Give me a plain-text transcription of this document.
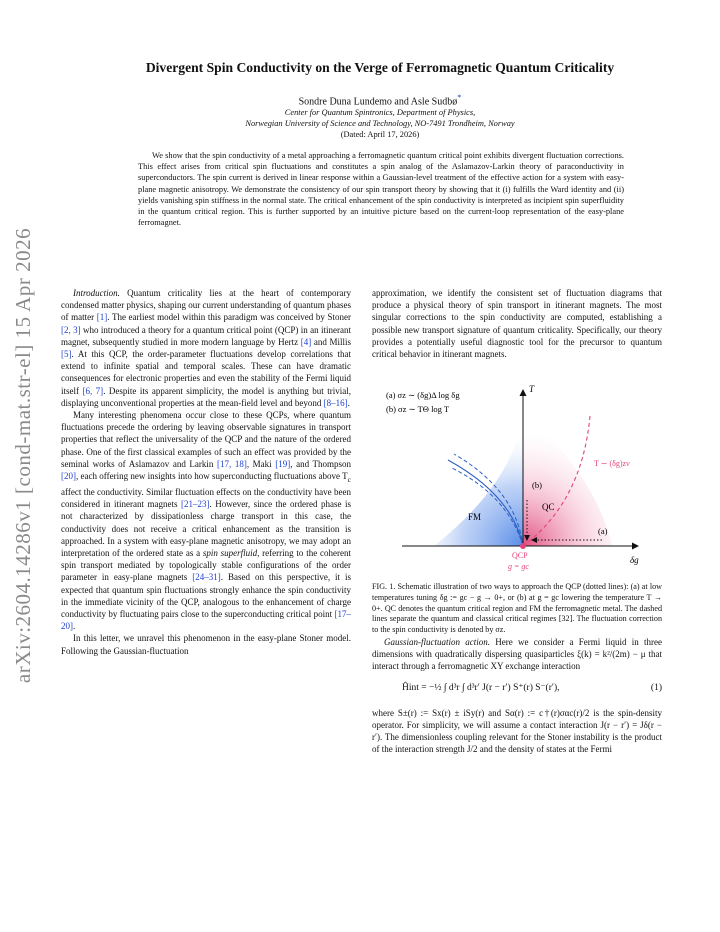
arXiv:2604.14286v1 [cond-mat.str-el] 15 Apr 2026
Divergent Spin Conductivity on the Verge of Ferromagnetic Quantum Criticality
Sondre Duna Lundemo and Asle Sudbø*
Center for Quantum Spintronics, Department of Physics,
Norwegian University of Science and Technology, NO-7491 Trondheim, Norway
(Dated: April 17, 2026)

We show that the spin conductivity of a metal approaching a ferromagnetic quantum critical point exhibits divergent fluctuation corrections. This effect arises from critical spin fluctuations and constitutes a spin analog of the Aslamazov-Larkin theory of paraconductivity in superconductors. The spin current is derived in linear response within a Gaussian-level treatment of the effective action for a system with easy-plane magnetic anisotropy. We demonstrate the consistency of our spin transport theory by showing that it (i) fulfills the Ward identity and (ii) yields vanishing spin stiffness in the normal state. The critical enhancement of the spin conductivity is interpreted as incipient spin superfluidity in the quantum critical region. This is further supported by an intuitive picture based on the current-loop representation of the easy-plane ferromagnet.

Introduction. Quantum criticality lies at the heart of contemporary condensed matter physics, shaping our current understanding of quantum phases of matter [1]. The earliest model within this paradigm was conceived by Stoner [2, 3] who introduced a theory for a quantum critical point (QCP) in an itinerant magnet, subsequently studied in more modern language by Hertz [4] and Millis [5]. At this QCP, the order-parameter fluctuations develop correlations that extend to infinite spatial and temporal scales. These can have dramatic consequences for electronic properties and even the stability of the Fermi liquid itself [6, 7]. Despite its apparent simplicity, the model is anything but trivial, displaying unconventional properties at the mean-field level and beyond [8–16].

Many interesting phenomena occur close to these QCPs, where quantum fluctuations precede the ordering by leaving observable signatures in transport properties that reflect the universality of the QCP and the nature of the ordered phase. One of the first classical examples of such an effect was provided by the seminal works of Aslamazov and Larkin [17, 18], Maki [19], and Thompson [20], each offering new insights into how superconducting fluctuations above $T_c$ affect the conductivity. Similar fluctuation effects on the conductivity have been considered in itinerant magnets [21–23]. However, since the ordered phase is not characterized by dissipationless charge transport in this case, the conductivity does not receive a critical enhancement as the transition is approached. In a system with easy-plane magnetic anisotropy, we may adopt an interpretation of the ordered state as a spin superfluid, referring to the coherent spin transport mediated by topologically stable configurations of the order parameter in easy-plane magnets [24–31]. Based on this perspective, it is expected that quantum spin fluctuations strongly enhance the spin conductivity in the immediate vicinity of the QCP, analogous to the enhancement of charge conductivity by fluctuating pairs close to the superconducting critical point [17–20].

In this letter, we unravel this phenomenon in the easy-plane Stoner model. Following the Gaussian-fluctuation

approximation, we identify the consistent set of fluctuation diagrams that produce a physical theory of spin transport in itinerant magnets. The most singular corrections to the spin conductivity are computed, establishing a possible new transport signature of quantum criticality. Specifically, our theory provides a potentially useful diagnostic tool for the precursor to quantum critical behavior in itinerant magnets.

(a) σz ∼ (δg)Δ log δg
(b) σz ∼ TΘ log T
T
δg
FM
QC
(b)
(a)
QCP
g = gc
T ∼ (δg)zν

FIG. 1. Schematic illustration of two ways to approach the QCP (dotted lines): (a) at low temperatures tuning δg := gc − g → 0+, or (b) at g = gc lowering the temperature T → 0+. QC denotes the quantum critical region and FM the ferromagnetic metal. The dashed lines separate the quantum and classical critical regimes [32]. The fluctuation correction to the spin conductivity is denoted by σz.

Gaussian-fluctuation action. Here we consider a Fermi liquid in three dimensions with quadratically dispersing quasiparticles ξ(k) = k²/(2m) − μ that interact through a ferromagnetic XY exchange interaction

Ĥint = −½ ∫ d³r ∫ d³r′ J(r − r′) S⁺(r) S⁻(r′),	(1)

where S±(r) := Sx(r) ± iSy(r) and Sα(r) := c†(r)σαc(r)/2 is the spin-density operator. For simplicity, we will assume a contact interaction J(r − r′) = Jδ(r − r′). The dimensionless coupling relevant for the Stoner instability is the product of the interaction strength J/2 and the density of states at the Fermi
